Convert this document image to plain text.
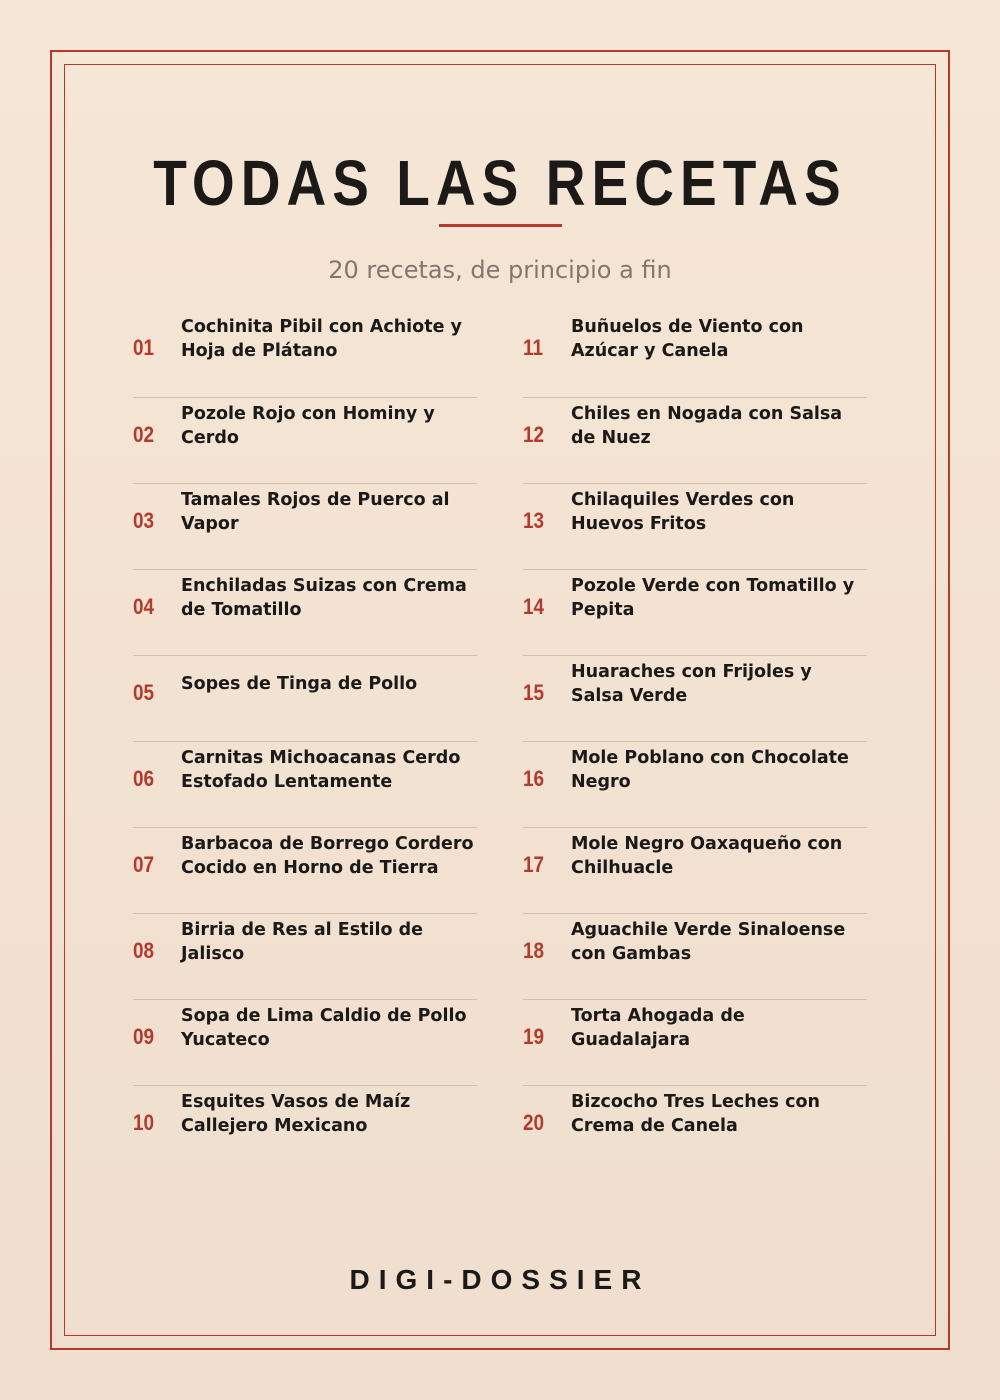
TODAS LAS RECETAS
20 recetas, de principio a fin
01
Cochinita Pibil con Achiote y Hoja de Plátano
02
Pozole Rojo con Hominy y Cerdo
03
Tamales Rojos de Puerco al Vapor
04
Enchiladas Suizas con Crema de Tomatillo
05 Sopes de Tinga de Pollo
06
Carnitas Michoacanas Cerdo Estofado Lentamente
07
Barbacoa de Borrego Cordero Cocido en Horno de Tierra
08
Birria de Res al Estilo de Jalisco
09
Sopa de Lima Caldio de Pollo Yucateco
10
Esquites Vasos de Maíz Callejero Mexicano
11
Buñuelos de Viento con Azúcar y Canela
12
Chiles en Nogada con Salsa de Nuez
13
Chilaquiles Verdes con Huevos Fritos
14
Pozole Verde con Tomatillo y Pepita
15
Huaraches con Frijoles y Salsa Verde
16
Mole Poblano con Chocolate Negro
17
Mole Negro Oaxaqueño con Chilhuacle
18
Aguachile Verde Sinaloense con Gambas
19
Torta Ahogada de Guadalajara
20
Bizcocho Tres Leches con Crema de Canela
DIGI-DOSSIER
